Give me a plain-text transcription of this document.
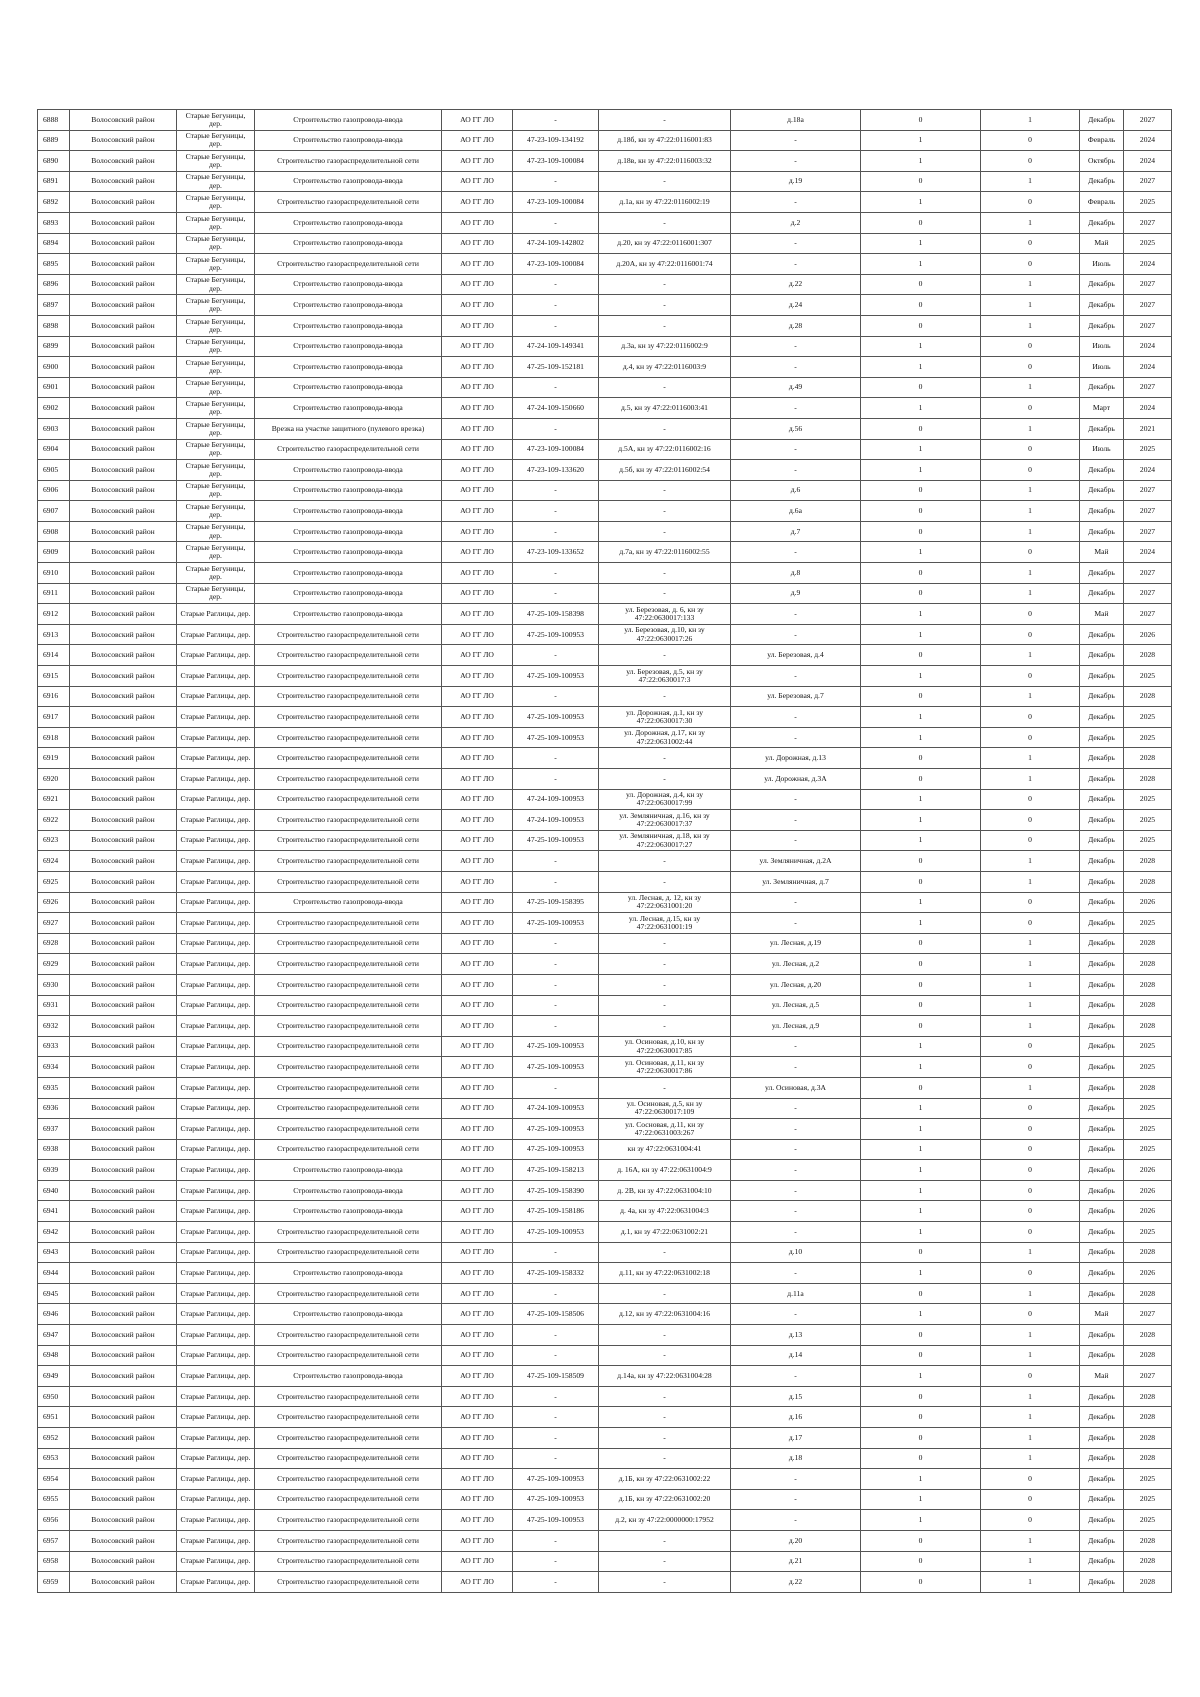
6888	Волосовский район	Старые Бегуницы, дер.	Строительство газопровода-ввода	АО ГГ ЛО	-	-	д.18а	0	1	Декабрь	2027
6889	Волосовский район	Старые Бегуницы, дер.	Строительство газопровода-ввода	АО ГГ ЛО	47-23-109-134192	д.18б, кн зу 47:22:0116001:83	-	1	0	Февраль	2024
6890	Волосовский район	Старые Бегуницы, дер.	Строительство газораспределительной сети	АО ГГ ЛО	47-23-109-100084	д.18в, кн зу 47:22:0116003:32	-	1	0	Октябрь	2024
6891	Волосовский район	Старые Бегуницы, дер.	Строительство газопровода-ввода	АО ГГ ЛО	-	-	д.19	0	1	Декабрь	2027
6892	Волосовский район	Старые Бегуницы, дер.	Строительство газораспределительной сети	АО ГГ ЛО	47-23-109-100084	д.1а, кн зу 47:22:0116002:19	-	1	0	Февраль	2025
6893	Волосовский район	Старые Бегуницы, дер.	Строительство газопровода-ввода	АО ГГ ЛО	-	-	д.2	0	1	Декабрь	2027
6894	Волосовский район	Старые Бегуницы, дер.	Строительство газопровода-ввода	АО ГГ ЛО	47-24-109-142802	д.20, кн зу 47:22:0116001:307	-	1	0	Май	2025
6895	Волосовский район	Старые Бегуницы, дер.	Строительство газораспределительной сети	АО ГГ ЛО	47-23-109-100084	д.20А, кн зу 47:22:0116001:74	-	1	0	Июль	2024
6896	Волосовский район	Старые Бегуницы, дер.	Строительство газопровода-ввода	АО ГГ ЛО	-	-	д.22	0	1	Декабрь	2027
6897	Волосовский район	Старые Бегуницы, дер.	Строительство газопровода-ввода	АО ГГ ЛО	-	-	д.24	0	1	Декабрь	2027
6898	Волосовский район	Старые Бегуницы, дер.	Строительство газопровода-ввода	АО ГГ ЛО	-	-	д.28	0	1	Декабрь	2027
6899	Волосовский район	Старые Бегуницы, дер.	Строительство газопровода-ввода	АО ГГ ЛО	47-24-109-149341	д.3а, кн зу 47:22:0116002:9	-	1	0	Июль	2024
6900	Волосовский район	Старые Бегуницы, дер.	Строительство газопровода-ввода	АО ГГ ЛО	47-25-109-152181	д.4, кн зу 47:22:0116003:9	-	1	0	Июль	2024
6901	Волосовский район	Старые Бегуницы, дер.	Строительство газопровода-ввода	АО ГГ ЛО	-	-	д.49	0	1	Декабрь	2027
6902	Волосовский район	Старые Бегуницы, дер.	Строительство газопровода-ввода	АО ГГ ЛО	47-24-109-150660	д.5, кн зу 47:22:0116003:41	-	1	0	Март	2024
6903	Волосовский район	Старые Бегуницы, дер.	Врезка на участке защитного (пулевого врезка)	АО ГГ ЛО	-	-	д.56	0	1	Декабрь	2021
6904	Волосовский район	Старые Бегуницы, дер.	Строительство газораспределительной сети	АО ГГ ЛО	47-23-109-100084	д.5А, кн зу 47:22:0116002:16	-	1	0	Июль	2025
6905	Волосовский район	Старые Бегуницы, дер.	Строительство газопровода-ввода	АО ГГ ЛО	47-23-109-133620	д.5б, кн зу 47:22:0116002:54	-	1	0	Декабрь	2024
6906	Волосовский район	Старые Бегуницы, дер.	Строительство газопровода-ввода	АО ГГ ЛО	-	-	д.6	0	1	Декабрь	2027
6907	Волосовский район	Старые Бегуницы, дер.	Строительство газопровода-ввода	АО ГГ ЛО	-	-	д.6а	0	1	Декабрь	2027
6908	Волосовский район	Старые Бегуницы, дер.	Строительство газопровода-ввода	АО ГГ ЛО	-	-	д.7	0	1	Декабрь	2027
6909	Волосовский район	Старые Бегуницы, дер.	Строительство газопровода-ввода	АО ГГ ЛО	47-23-109-133652	д.7а, кн зу 47:22:0116002:55	-	1	0	Май	2024
6910	Волосовский район	Старые Бегуницы, дер.	Строительство газопровода-ввода	АО ГГ ЛО	-	-	д.8	0	1	Декабрь	2027
6911	Волосовский район	Старые Бегуницы, дер.	Строительство газопровода-ввода	АО ГГ ЛО	-	-	д.9	0	1	Декабрь	2027
6912	Волосовский район	Старые Раглицы, дер.	Строительство газопровода-ввода	АО ГГ ЛО	47-25-109-158398	ул. Березовая, д. 6, кн зу 47:22:0630017:133	-	1	0	Май	2027
6913	Волосовский район	Старые Раглицы, дер.	Строительство газораспределительной сети	АО ГГ ЛО	47-25-109-100953	ул. Березовая, д.10, кн зу 47:22:0630017:26	-	1	0	Декабрь	2026
6914	Волосовский район	Старые Раглицы, дер.	Строительство газораспределительной сети	АО ГГ ЛО	-	-	ул. Березовая, д.4	0	1	Декабрь	2028
6915	Волосовский район	Старые Раглицы, дер.	Строительство газораспределительной сети	АО ГГ ЛО	47-25-109-100953	ул. Березовая, д.5, кн зу 47:22:0630017:3	-	1	0	Декабрь	2025
6916	Волосовский район	Старые Раглицы, дер.	Строительство газораспределительной сети	АО ГГ ЛО	-	-	ул. Березовая, д.7	0	1	Декабрь	2028
6917	Волосовский район	Старые Раглицы, дер.	Строительство газораспределительной сети	АО ГГ ЛО	47-25-109-100953	ул. Дорожная, д.1, кн зу 47:22:0630017:30	-	1	0	Декабрь	2025
6918	Волосовский район	Старые Раглицы, дер.	Строительство газораспределительной сети	АО ГГ ЛО	47-25-109-100953	ул. Дорожная, д.17, кн зу 47:22:0631002:44	-	1	0	Декабрь	2025
6919	Волосовский район	Старые Раглицы, дер.	Строительство газораспределительной сети	АО ГГ ЛО	-	-	ул. Дорожная, д.13	0	1	Декабрь	2028
6920	Волосовский район	Старые Раглицы, дер.	Строительство газораспределительной сети	АО ГГ ЛО	-	-	ул. Дорожная, д.3А	0	1	Декабрь	2028
6921	Волосовский район	Старые Раглицы, дер.	Строительство газораспределительной сети	АО ГГ ЛО	47-24-109-100953	ул. Дорожная, д.4, кн зу 47:22:0630017:99	-	1	0	Декабрь	2025
6922	Волосовский район	Старые Раглицы, дер.	Строительство газораспределительной сети	АО ГГ ЛО	47-24-109-100953	ул. Земляничная, д.16, кн зу 47:22:0630017:37	-	1	0	Декабрь	2025
6923	Волосовский район	Старые Раглицы, дер.	Строительство газораспределительной сети	АО ГГ ЛО	47-25-109-100953	ул. Земляничная, д.18, кн зу 47:22:0630017:27	-	1	0	Декабрь	2025
6924	Волосовский район	Старые Раглицы, дер.	Строительство газораспределительной сети	АО ГГ ЛО	-	-	ул. Земляничная, д.2А	0	1	Декабрь	2028
6925	Волосовский район	Старые Раглицы, дер.	Строительство газораспределительной сети	АО ГГ ЛО	-	-	ул. Земляничная, д.7	0	1	Декабрь	2028
6926	Волосовский район	Старые Раглицы, дер.	Строительство газопровода-ввода	АО ГГ ЛО	47-25-109-158395	ул. Лесная, д. 12, кн зу 47:22:0631001:20	-	1	0	Декабрь	2026
6927	Волосовский район	Старые Раглицы, дер.	Строительство газораспределительной сети	АО ГГ ЛО	47-25-109-100953	ул. Лесная, д.15, кн зу 47:22:0631001:19	-	1	0	Декабрь	2025
6928	Волосовский район	Старые Раглицы, дер.	Строительство газораспределительной сети	АО ГГ ЛО	-	-	ул. Лесная, д.19	0	1	Декабрь	2028
6929	Волосовский район	Старые Раглицы, дер.	Строительство газораспределительной сети	АО ГГ ЛО	-	-	ул. Лесная, д.2	0	1	Декабрь	2028
6930	Волосовский район	Старые Раглицы, дер.	Строительство газораспределительной сети	АО ГГ ЛО	-	-	ул. Лесная, д.20	0	1	Декабрь	2028
6931	Волосовский район	Старые Раглицы, дер.	Строительство газораспределительной сети	АО ГГ ЛО	-	-	ул. Лесная, д.5	0	1	Декабрь	2028
6932	Волосовский район	Старые Раглицы, дер.	Строительство газораспределительной сети	АО ГГ ЛО	-	-	ул. Лесная, д.9	0	1	Декабрь	2028
6933	Волосовский район	Старые Раглицы, дер.	Строительство газораспределительной сети	АО ГГ ЛО	47-25-109-100953	ул. Осиновая, д.10, кн зу 47:22:0630017:85	-	1	0	Декабрь	2025
6934	Волосовский район	Старые Раглицы, дер.	Строительство газораспределительной сети	АО ГГ ЛО	47-25-109-100953	ул. Осиновая, д.11, кн зу 47:22:0630017:86	-	1	0	Декабрь	2025
6935	Волосовский район	Старые Раглицы, дер.	Строительство газораспределительной сети	АО ГГ ЛО	-	-	ул. Осиновая, д.3А	0	1	Декабрь	2028
6936	Волосовский район	Старые Раглицы, дер.	Строительство газораспределительной сети	АО ГГ ЛО	47-24-109-100953	ул. Осиновая, д.5, кн зу 47:22:0630017:109	-	1	0	Декабрь	2025
6937	Волосовский район	Старые Раглицы, дер.	Строительство газораспределительной сети	АО ГГ ЛО	47-25-109-100953	ул. Сосновая, д.11, кн зу 47:22:0631003:267	-	1	0	Декабрь	2025
6938	Волосовский район	Старые Раглицы, дер.	Строительство газораспределительной сети	АО ГГ ЛО	47-25-109-100953	кн зу 47:22:0631004:41	-	1	0	Декабрь	2025
6939	Волосовский район	Старые Раглицы, дер.	Строительство газопровода-ввода	АО ГГ ЛО	47-25-109-158213	д. 16А, кн зу 47:22:0631004:9	-	1	0	Декабрь	2026
6940	Волосовский район	Старые Раглицы, дер.	Строительство газопровода-ввода	АО ГГ ЛО	47-25-109-158390	д. 2В, кн зу 47:22:0631004:10	-	1	0	Декабрь	2026
6941	Волосовский район	Старые Раглицы, дер.	Строительство газопровода-ввода	АО ГГ ЛО	47-25-109-158186	д. 4а, кн зу 47:22:0631004:3	-	1	0	Декабрь	2026
6942	Волосовский район	Старые Раглицы, дер.	Строительство газораспределительной сети	АО ГГ ЛО	47-25-109-100953	д.1, кн зу 47:22:0631002:21	-	1	0	Декабрь	2025
6943	Волосовский район	Старые Раглицы, дер.	Строительство газораспределительной сети	АО ГГ ЛО	-	-	д.10	0	1	Декабрь	2028
6944	Волосовский район	Старые Раглицы, дер.	Строительство газопровода-ввода	АО ГГ ЛО	47-25-109-158332	д.11, кн зу 47:22:0631002:18	-	1	0	Декабрь	2026
6945	Волосовский район	Старые Раглицы, дер.	Строительство газораспределительной сети	АО ГГ ЛО	-	-	д.11а	0	1	Декабрь	2028
6946	Волосовский район	Старые Раглицы, дер.	Строительство газопровода-ввода	АО ГГ ЛО	47-25-109-158506	д.12, кн зу 47:22:0631004:16	-	1	0	Май	2027
6947	Волосовский район	Старые Раглицы, дер.	Строительство газораспределительной сети	АО ГГ ЛО	-	-	д.13	0	1	Декабрь	2028
6948	Волосовский район	Старые Раглицы, дер.	Строительство газораспределительной сети	АО ГГ ЛО	-	-	д.14	0	1	Декабрь	2028
6949	Волосовский район	Старые Раглицы, дер.	Строительство газопровода-ввода	АО ГГ ЛО	47-25-109-158509	д.14а, кн зу 47:22:0631004:28	-	1	0	Май	2027
6950	Волосовский район	Старые Раглицы, дер.	Строительство газораспределительной сети	АО ГГ ЛО	-	-	д.15	0	1	Декабрь	2028
6951	Волосовский район	Старые Раглицы, дер.	Строительство газораспределительной сети	АО ГГ ЛО	-	-	д.16	0	1	Декабрь	2028
6952	Волосовский район	Старые Раглицы, дер.	Строительство газораспределительной сети	АО ГГ ЛО	-	-	д.17	0	1	Декабрь	2028
6953	Волосовский район	Старые Раглицы, дер.	Строительство газораспределительной сети	АО ГГ ЛО	-	-	д.18	0	1	Декабрь	2028
6954	Волосовский район	Старые Раглицы, дер.	Строительство газораспределительной сети	АО ГГ ЛО	47-25-109-100953	д.1Б, кн зу 47:22:0631002:22	-	1	0	Декабрь	2025
6955	Волосовский район	Старые Раглицы, дер.	Строительство газораспределительной сети	АО ГГ ЛО	47-25-109-100953	д.1Б, кн зу 47:22:0631002:20	-	1	0	Декабрь	2025
6956	Волосовский район	Старые Раглицы, дер.	Строительство газораспределительной сети	АО ГГ ЛО	47-25-109-100953	д.2, кн зу 47:22:0000000:17952	-	1	0	Декабрь	2025
6957	Волосовский район	Старые Раглицы, дер.	Строительство газораспределительной сети	АО ГГ ЛО	-	-	д.20	0	1	Декабрь	2028
6958	Волосовский район	Старые Раглицы, дер.	Строительство газораспределительной сети	АО ГГ ЛО	-	-	д.21	0	1	Декабрь	2028
6959	Волосовский район	Старые Раглицы, дер.	Строительство газораспределительной сети	АО ГГ ЛО	-	-	д.22	0	1	Декабрь	2028
